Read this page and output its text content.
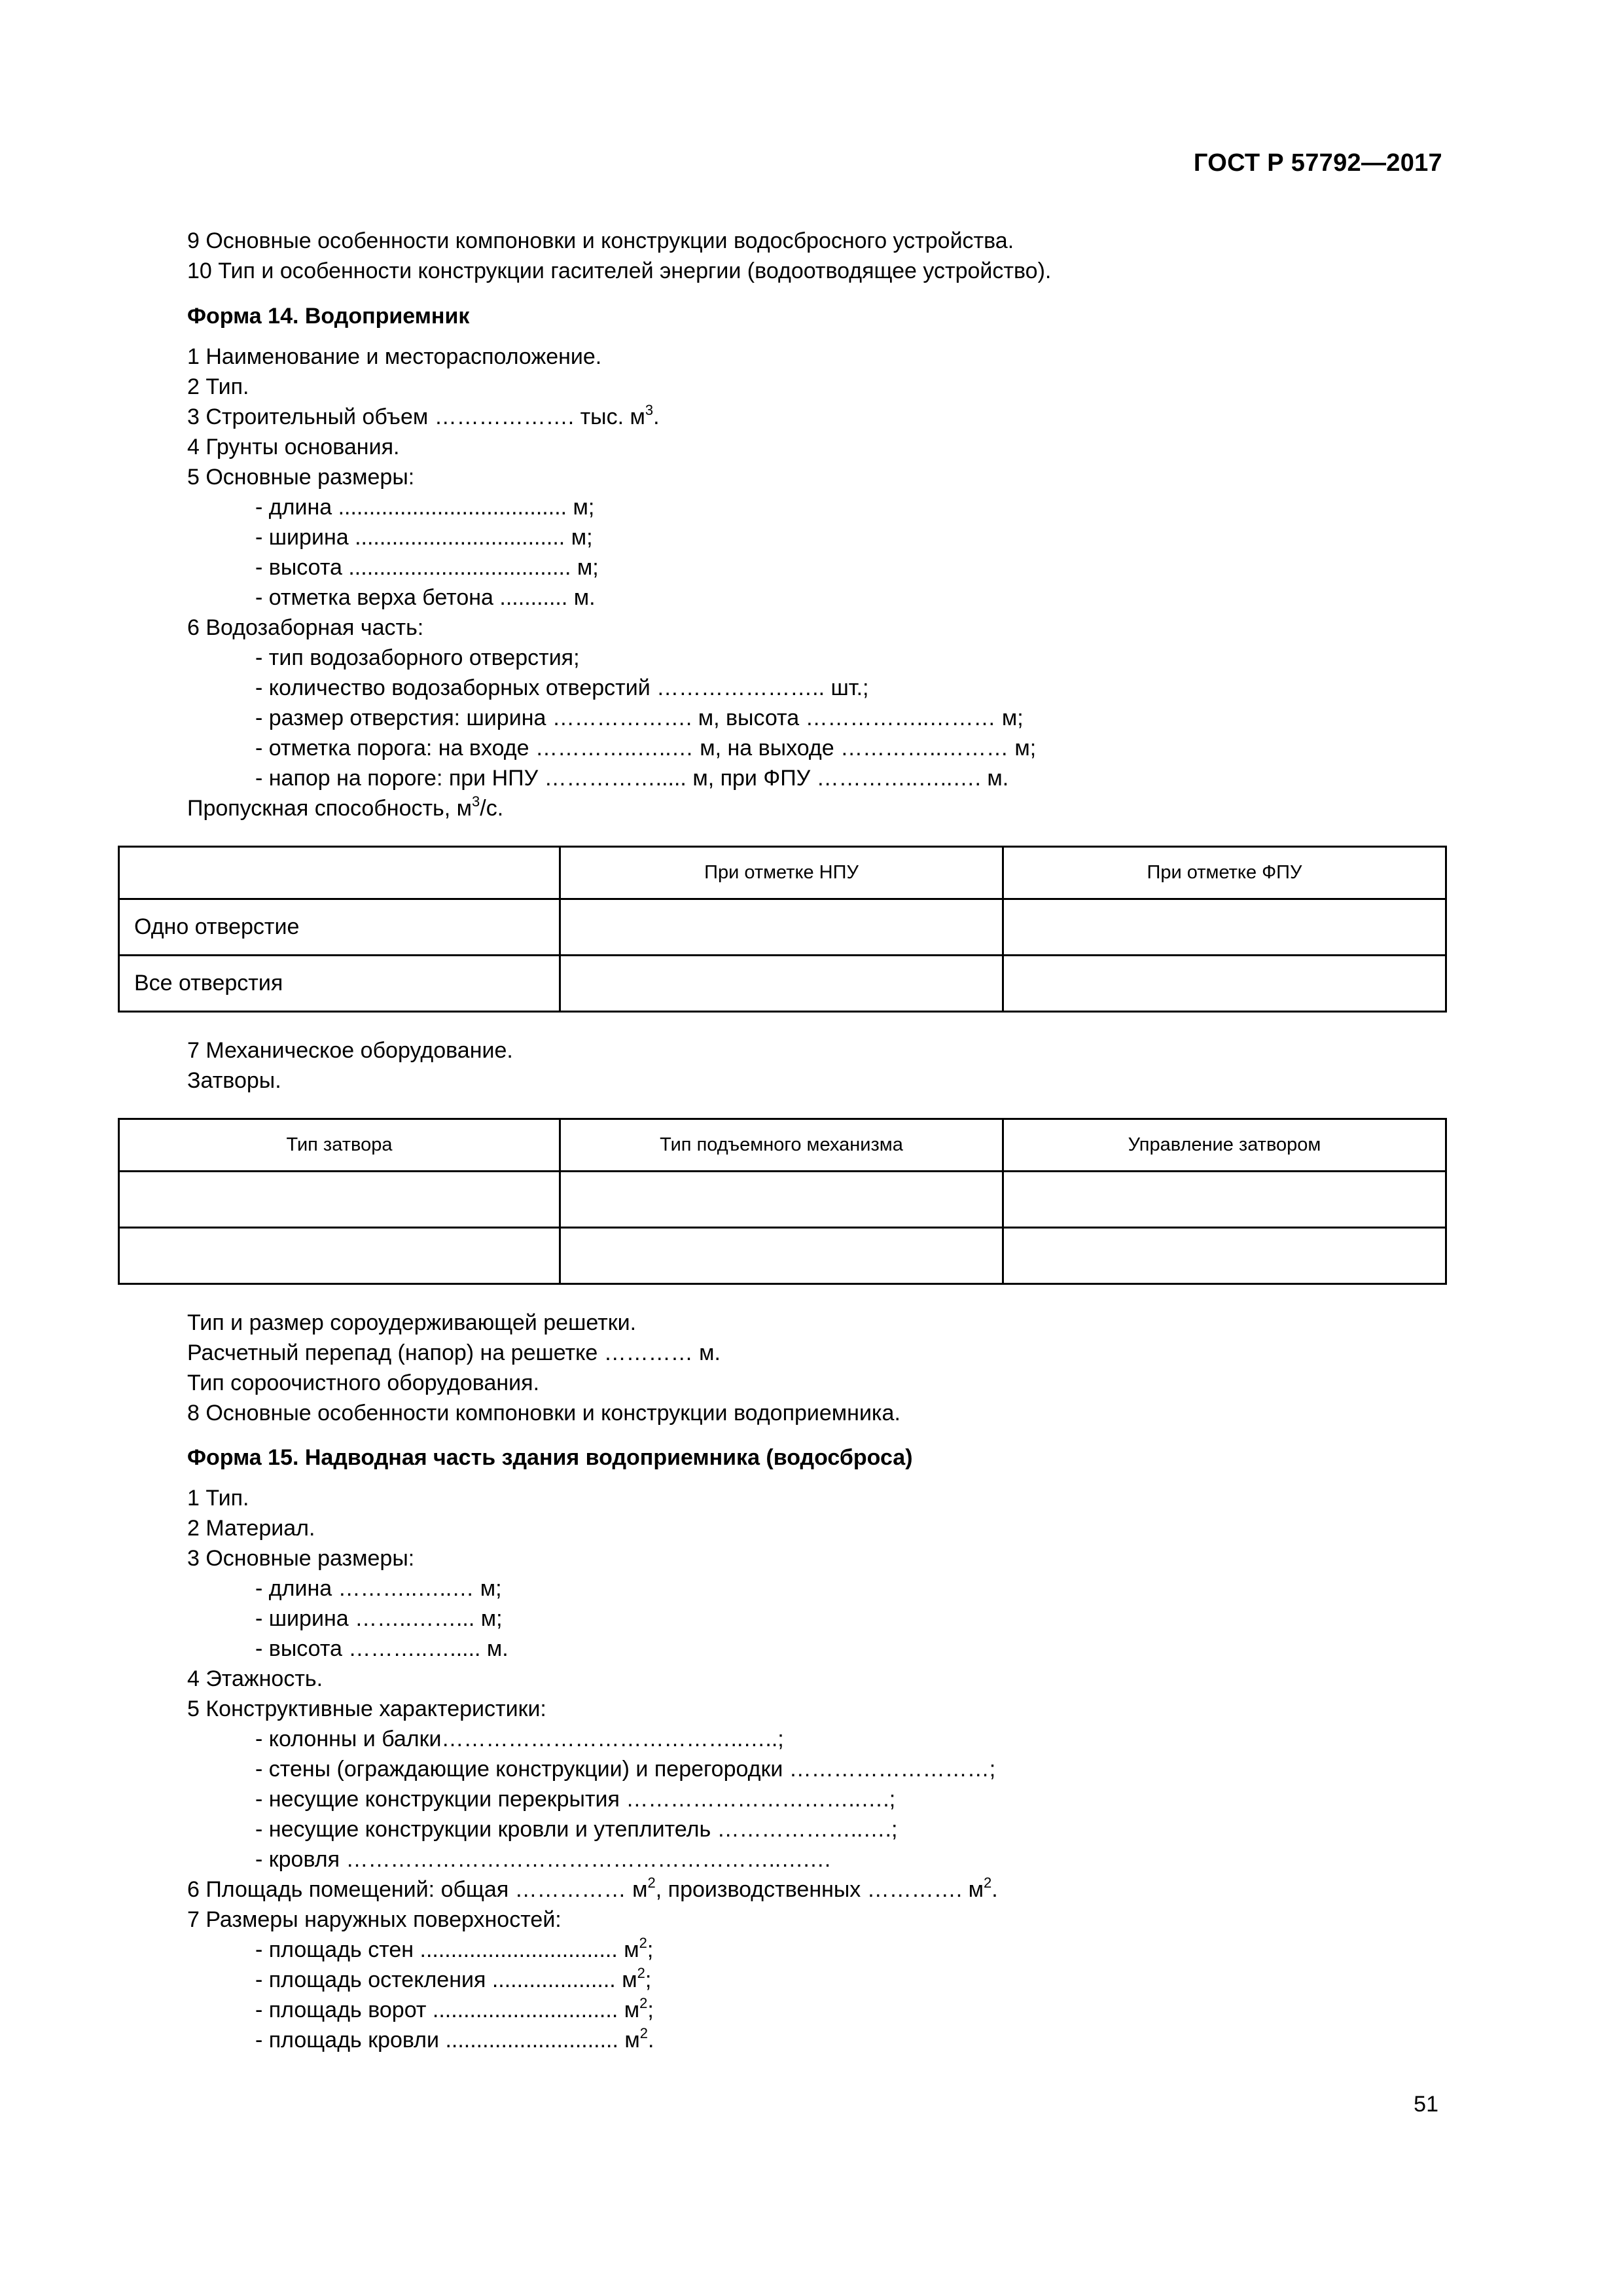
ГОСТ Р 57792—2017
9 Основные особенности компоновки и конструкции водосбросного устройства.
10 Тип и особенности конструкции гасителей энергии (водоотводящее устройство).
Форма 14. Водоприемник
1 Наименование и месторасположение.
2 Тип.
3 Строительный объем ………………. тыс. $м^3$.
4 Грунты основания.
5 Основные размеры:
- длина ..................................... м;
- ширина .................................. м;
- высота .................................... м;
- отметка верха бетона ........... м.
6 Водозаборная часть:
- тип водозаборного отверстия;
- количество водозаборных отверстий ………………….. шт.;
- размер отверстия: ширина ………………. м, высота ……………..……… м;
- отметка порога: на входе …………..…..… м, на выходе …………..……… м;
- напор на пороге: при НПУ ……………..... м, при ФПУ …………..…..…. м.
Пропускная способность, $м^3/с$.
	При отметке НПУ	При отметке ФПУ
Одно отверстие		
Все отверстия		
7 Механическое оборудование.
Затворы.
Тип затвора	Тип подъемного механизма	Управление затвором

Тип и размер сороудерживающей решетки.
Расчетный перепад (напор) на решетке ………… м.
Тип сороочистного оборудования.
8 Основные особенности компоновки и конструкции водоприемника.
Форма 15. Надводная часть здания водоприемника (водосброса)
1 Тип.
2 Материал.
3 Основные размеры:
- длина ………..…..… м;
- ширина ……..……... м;
- высота ………..…..... м.
4 Этажность.
5 Конструктивные характеристики:
- колонны и балки…………………………………..…..;
- стены (ограждающие конструкции) и перегородки ………………………;
- несущие конструкции перекрытия …………………………..….;
- несущие конструкции кровли и утеплитель ………………..….;
- кровля …………………………………………………..….…
6 Площадь помещений: общая …………… $м^2$, производственных …………. $м^2$.
7 Размеры наружных поверхностей:
- площадь стен ................................ $м^2$;
- площадь остекления .................... $м^2$;
- площадь ворот .............................. $м^2$;
- площадь кровли ............................ $м^2$.
51
